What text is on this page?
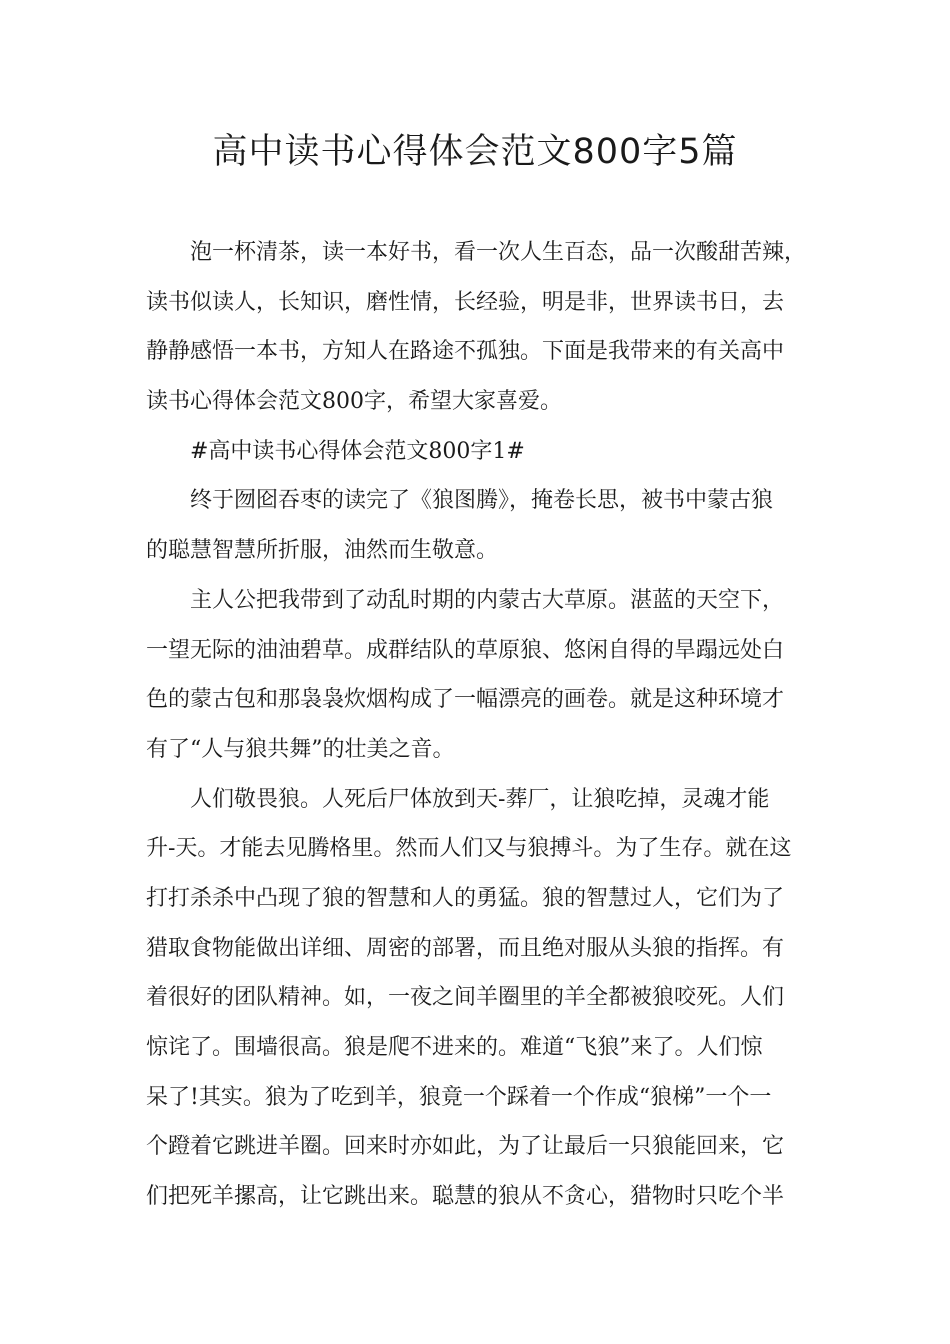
高中读书心得体会范文800字5篇
泡一杯清茶，读一本好书，看一次人生百态，品一次酸甜苦辣，
读书似读人，长知识，磨性情，长经验，明是非，世界读书日，去
静静感悟一本书，方知人在路途不孤独。下面是我带来的有关高中
读书心得体会范文800字，希望大家喜爱。
#高中读书心得体会范文800字1#
终于囫囵吞枣的读完了《狼图腾》，掩卷长思，被书中蒙古狼
的聪慧智慧所折服，油然而生敬意。
主人公把我带到了动乱时期的内蒙古大草原。湛蓝的天空下，
一望无际的油油碧草。成群结队的草原狼、悠闲自得的旱蹋远处白
色的蒙古包和那袅袅炊烟构成了一幅漂亮的画卷。就是这种环境才
有了“人与狼共舞”的壮美之音。
人们敬畏狼。人死后尸体放到天-葬厂，让狼吃掉，灵魂才能
升-天。才能去见腾格里。然而人们又与狼搏斗。为了生存。就在这
打打杀杀中凸现了狼的智慧和人的勇猛。狼的智慧过人，它们为了
猎取食物能做出详细、周密的部署，而且绝对服从头狼的指挥。有
着很好的团队精神。如，一夜之间羊圈里的羊全都被狼咬死。人们
惊诧了。围墙很高。狼是爬不进来的。难道“飞狼”来了。人们惊
呆了!其实。狼为了吃到羊，狼竟一个踩着一个作成“狼梯”一个一
个蹬着它跳进羊圈。回来时亦如此，为了让最后一只狼能回来，它
们把死羊摞高，让它跳出来。聪慧的狼从不贪心，猎物时只吃个半
